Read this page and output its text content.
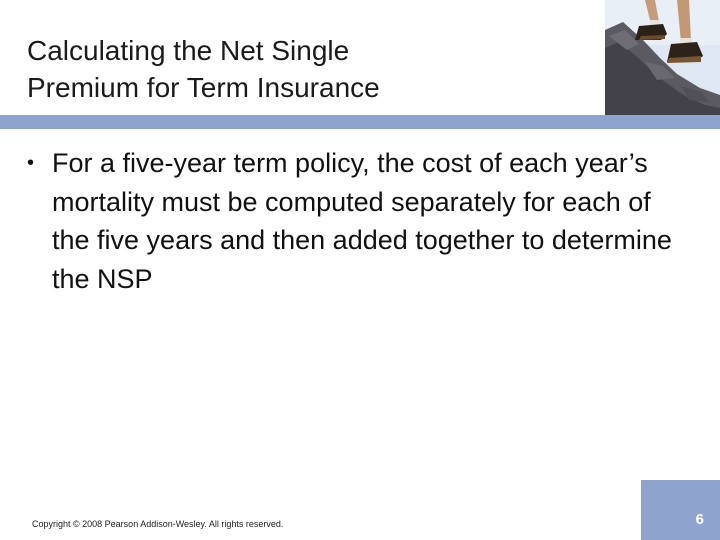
Calculating the Net Single
Premium for Term Insurance
• For a five-year term policy, the cost of each year’s mortality must be computed separately for each of the five years and then added together to determine the NSP
Copyright © 2008 Pearson Addison-Wesley. All rights reserved.	6
